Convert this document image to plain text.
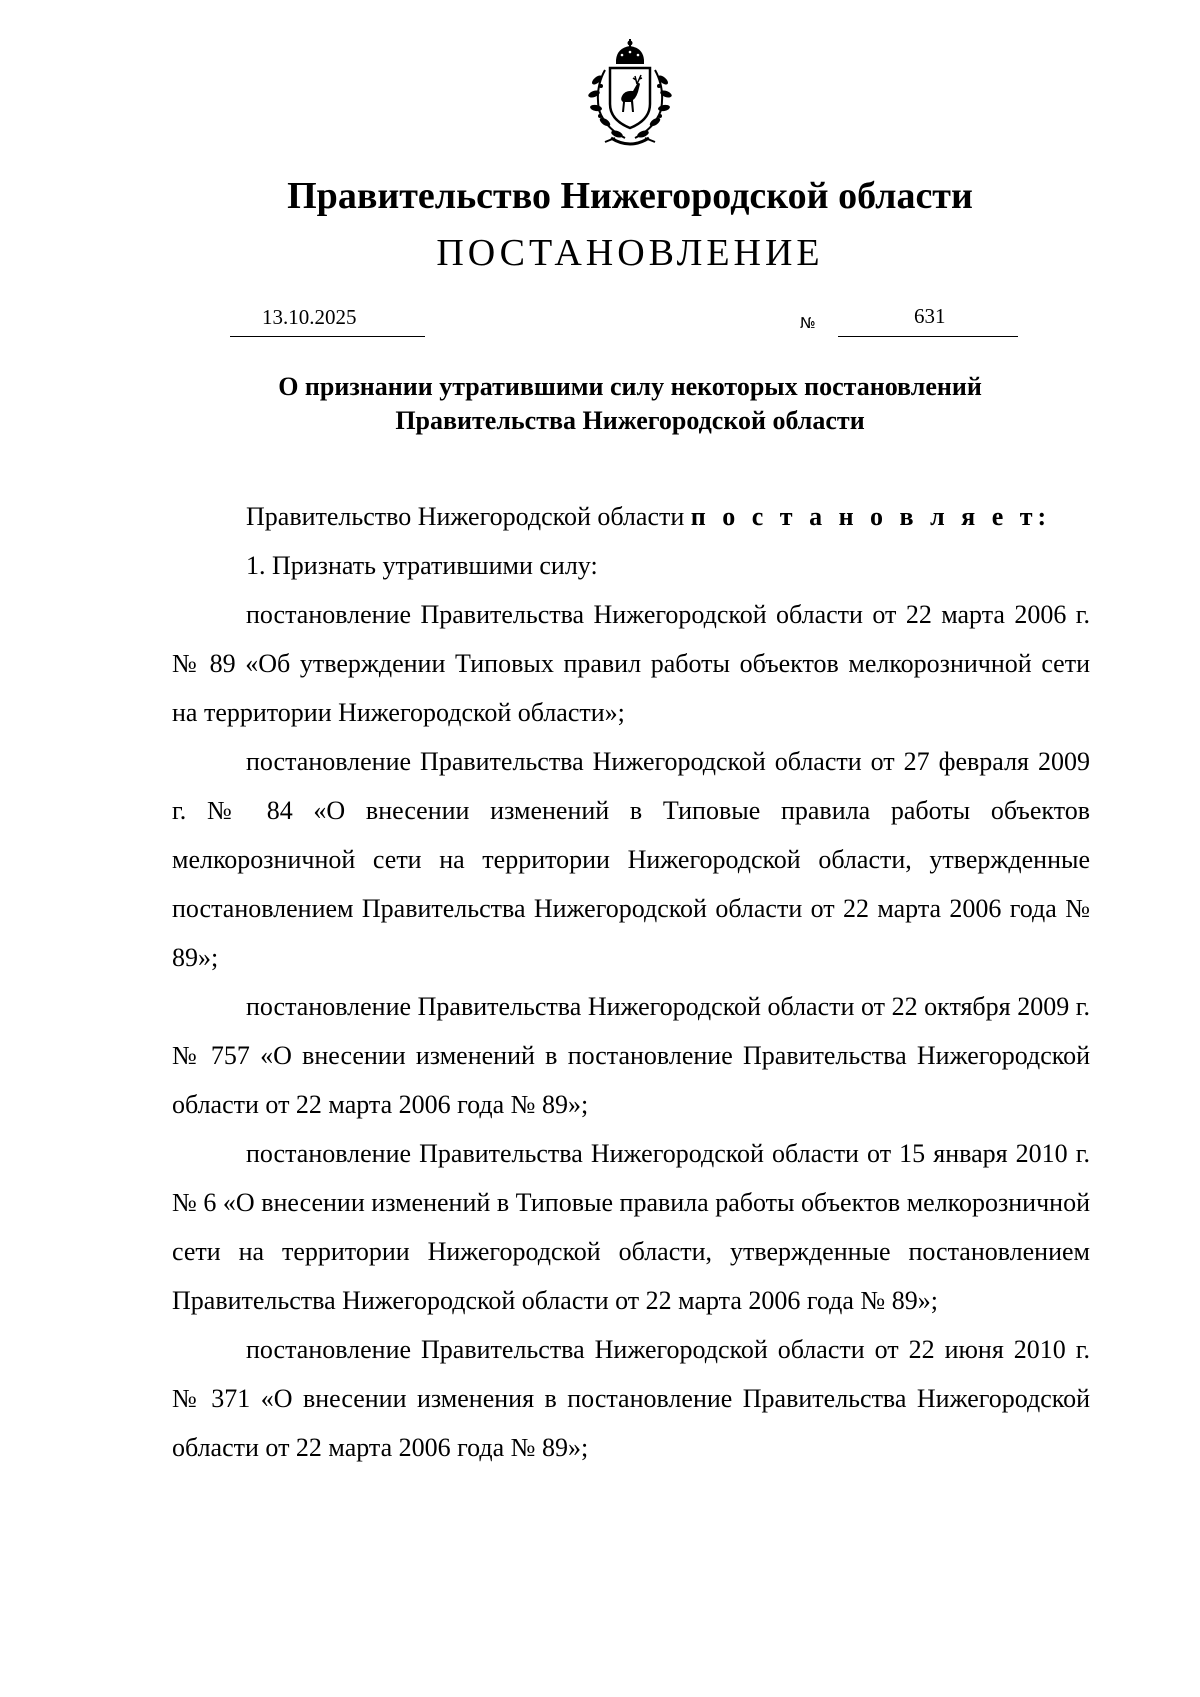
Правительство Нижегородской области
ПОСТАНОВЛЕНИЕ
13.10.2025	№	631
О признании утратившими силу некоторых постановлений
Правительства Нижегородской области

Правительство Нижегородской области п о с т а н о в л я е т:

1. Признать утратившими силу:

постановление Правительства Нижегородской области от 22 марта 2006 г. № 89 «Об утверждении Типовых правил работы объектов мелкорозничной сети на территории Нижегородской области»;

постановление Правительства Нижегородской области от 27 февраля 2009 г. № 84 «О внесении изменений в Типовые правила работы объектов мелкорозничной сети на территории Нижегородской области, утвержденные постановлением Правительства Нижегородской области от 22 марта 2006 года № 89»;

постановление Правительства Нижегородской области от 22 октября 2009 г. № 757 «О внесении изменений в постановление Правительства Нижегородской области от 22 марта 2006 года № 89»;

постановление Правительства Нижегородской области от 15 января 2010 г. № 6 «О внесении изменений в Типовые правила работы объектов мелкорозничной сети на территории Нижегородской области, утвержденные постановлением Правительства Нижегородской области от 22 марта 2006 года № 89»;

постановление Правительства Нижегородской области от 22 июня 2010 г. № 371 «О внесении изменения в постановление Правительства Нижегородской области от 22 марта 2006 года № 89»;
